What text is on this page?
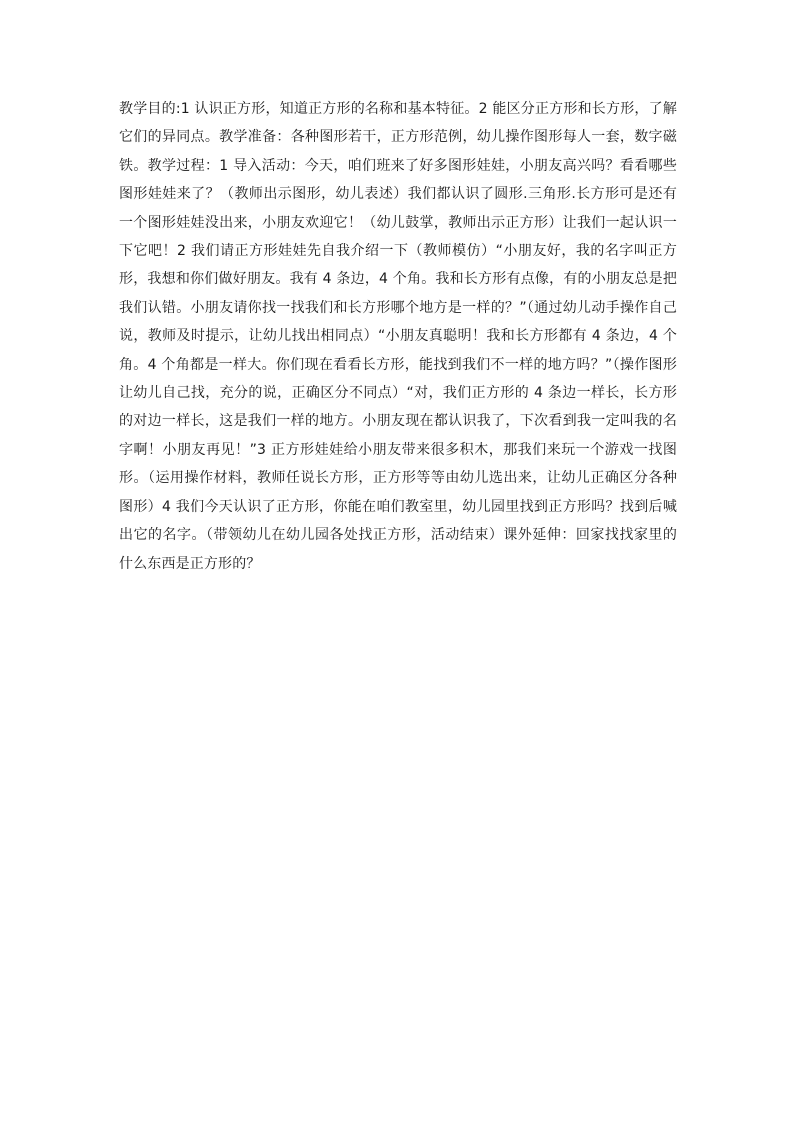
教学目的:1 认识正方形，知道正方形的名称和基本特征。2 能区分正方形和长方形，了解它们的异同点。教学准备：各种图形若干，正方形范例，幼儿操作图形每人一套，数字磁铁。教学过程：1 导入活动：今天，咱们班来了好多图形娃娃，小朋友高兴吗？看看哪些图形娃娃来了？（教师出示图形，幼儿表述）我们都认识了圆形.三角形.长方形可是还有一个图形娃娃没出来，小朋友欢迎它！（幼儿鼓掌，教师出示正方形）让我们一起认识一下它吧！2 我们请正方形娃娃先自我介绍一下（教师模仿）“小朋友好，我的名字叫正方形，我想和你们做好朋友。我有 4 条边，4 个角。我和长方形有点像，有的小朋友总是把我们认错。小朋友请你找一找我们和长方形哪个地方是一样的？”（通过幼儿动手操作自己说，教师及时提示，让幼儿找出相同点）“小朋友真聪明！我和长方形都有 4 条边，4 个角。4 个角都是一样大。你们现在看看长方形，能找到我们不一样的地方吗？”（操作图形让幼儿自己找，充分的说，正确区分不同点）“对，我们正方形的 4 条边一样长，长方形的对边一样长，这是我们一样的地方。小朋友现在都认识我了，下次看到我一定叫我的名字啊！小朋友再见！”3 正方形娃娃给小朋友带来很多积木，那我们来玩一个游戏一找图形。（运用操作材料，教师任说长方形，正方形等等由幼儿选出来，让幼儿正确区分各种图形）4 我们今天认识了正方形，你能在咱们教室里，幼儿园里找到正方形吗？找到后喊出它的名字。（带领幼儿在幼儿园各处找正方形，活动结束）课外延伸：回家找找家里的什么东西是正方形的？
